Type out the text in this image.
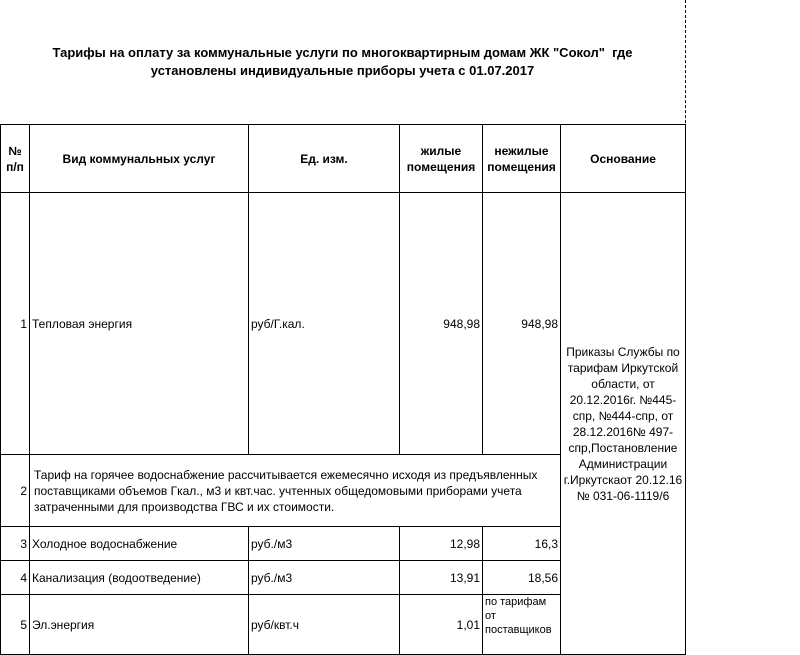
Тарифы на оплату за коммунальные услуги по многоквартирным домам ЖК "Сокол"  где
установлены индивидуальные приборы учета с 01.07.2017
№ п/п	Вид коммунальных услуг	Ед. изм.	жилые помещения	нежилые помещения	Основание
1	Тепловая энергия	руб/Г.кал.	948,98	948,98	Приказы Службы по тарифам Иркутской области, от 20.12.2016г. №445-спр, №444-спр, от 28.12.2016№ 497-спр,Постановление Администрации г.Иркутскаот 20.12.16 № 031-06-1119/6
2	Тариф на горячее водоснабжение рассчитывается ежемесячно исходя из предъявленных поставщиками объемов Гкал., м3 и квт.час. учтенных общедомовыми приборами учета затраченными для производства ГВС и их стоимости.				
3	Холодное водоснабжение	руб./м3	12,98	16,3	
4	Канализация (водоотведение)	руб./м3	13,91	18,56	
5	Эл.энергия	руб/квт.ч	1,01	по тарифам от поставщиков	
